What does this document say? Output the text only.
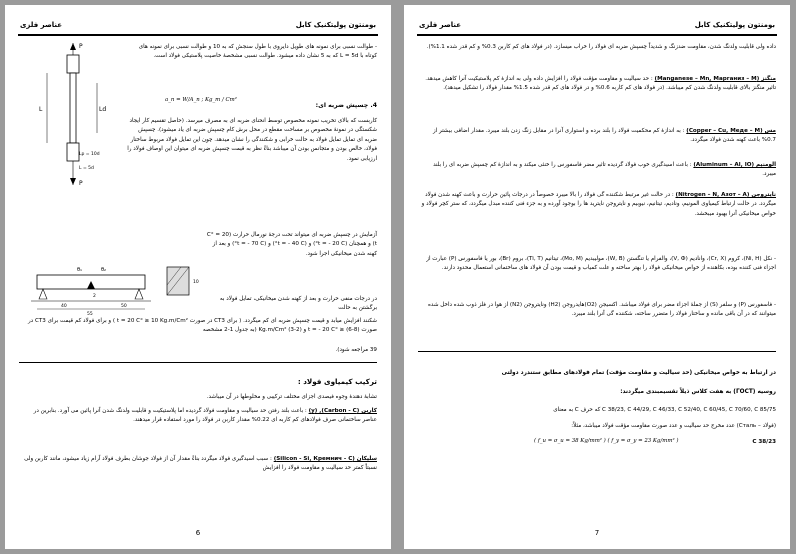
عناصر فلزی	بومنتون پولیتکنیک کابل
P
L	Ld
Lp = 10d
L = 5d
P
- طوالت نسبی برای نمونه های طویل دایروی با طول سنجش که به 10 و طوالت نسبی برای نمونه های کوتاه با L = 5d که به 5 نشان داده میشود. طوالت نسبی مشخصهٔ خاصیت پلاستیکی فولاد است.
4. چسپش ضربه ای:
a_n = W/A_n ; Kg_m / Cm²
کاربست که بالای تخریب نمونه مخصوص توسط انحنای ضربه ای به مصرف میرسد. (حاصل تقسیم کار ایجاد شکستگی در نمونهٔ مخصوص بر مساحت مقطع در محل برش کام چسپش ضربه ای یاد میشود). چسپش ضربه ای تمایل تمایل فولاد به حالت خرابی و شکنندگی را نشان میدهد. چون این تمایل فولاد مربوط ساختار فولاد، خالص بودن و متجانس بودن آن میباشد بناءً نظر به قیمت چسپش ضربه ای میتوان این اوصاف فولاد را ارزیابی نمود.
θ₁	θ₂
40
55
50
10
2
آزمایش در چسپش ضربه ای میتواند تحت درجهٔ نورمال حرارت (20 C° = t) و همچنان (t = - 20 C°) و (t = - 40 C°) و (t = - 70 C°) و بعد از کهنه شدن میخانیکی اجرا شود.
در درجات منفی حرارت و بعد از کهنه شدن میخانیکی، تمایل فولاد به برگشتن به حالت
شکنند افزایش میابد و قیمت چسپش ضربه ای کم میگردد. ( برای CT3 در صورت t = 20 C° ≥ 10 Kg.m/Cm² ) و برای فولاد کم قیمت برای CT3 در صورت t = - 20 C° ≥ (6-8) و (2-3) Kg.m/Cm² (به جدول 1-2 مشخصه
39 مراجعه شود).
ترکیب کیمیاوی فولاد :
تشابهٔ دهندهٔ وجوه فیصدی اجزای مختلف ترکیبی و مخلوطها در آن میباشد.
کاربن (Carbon - C), (y) : باعث بلند رفتن حد سیالیت و مقاومت فولاد گردیده اما پلاستیکیت و قابلیت ولدنگ شدن آنرا پائین می آورد. بنابرین در عناصر ساختمانی صرف فولادهای کم کاربه ای 0.22% مقدار کاربن در فولاد را مورد استفاده قرار میدهند.
سلیکان (Silicon - Si, Кремнич - C) : سبب اسیدگیری فولاد میگردد بناءً مقدار آن از فولاد جوشان بطرف فولاد آرام زیاد میشود، مانند کاربن ولی نسبتاً کمتر حد سیالیت و مقاومت فولاد را افزایش
6
عناصر فلزی	بومنتون پولیتکنیک کابل
داده ولی قابلیت ولدنگ شدن، مقاومت ضدزنگ و شدیداً چسپش ضربه ای فولاد را خراب میسازد. (در فولاد های کم کاربن 0.3% و کم قدر شده 1.1%).
منگنز (Manganese – Mn, Марганиз – M) : حد سیالیت و مقاومت مؤقت فولاد را افزایش داده ولی به اندازهٔ کم پلاستیکیت آنرا کاهش میدهد. تاثیر منگنز بالای قابلیت ولدنگ شدن کم میباشد. (در فولاد های کم کاربه 0.6% و در فولاد های کم قدر شده 1.5% مقدار فولاد را تشکیل میدهد).
مس (Copper – Cu, Меде – M) : به اندازهٔ کم محکمیت فولاد را بلند برده و استواری آنرا در مقابل زنگ زدن بلند میبرد. مقدار اضافی بیشتر از 0.7% باعث کهنه شدن فولاد میگردد.
الومنیم (Aluminum – Al, IO) : باعث اسیدگیری خوب فولاد گردیده تاثیر مضر فاسفورس را خنثی میکند و به اندازهٔ کم چسپش ضربه ای را بلند میبرد.
نایتروجن (Nitrogen – N, Азот – A) : در حالت غیر مرتبط شکننده گی فولاد را بالا میبرد خصوصاً در درجات پائین حرارت و باعث کهنه شدن فولاد میگردد. در حالت ارتباط کیمیاوی المونیم، وناديم، تیتانیم، نیوبیم و نایتروجن نایترید ها را بوجود آورده و به جزء فنی کننده مبدل میگردد، که ستر کچر فولاد و خواص میخانیکی آنرا بهبود میبخشد.
- نکل (Ni, H)، کروم (Cr, X)، وانادیم (V, Ф)، والفرام یا تنگستن (W, B)، مولیبدیم (Mo, M)، تیتانیم (Ti, T)، بروم (Br)، بور یا فاسفورس (P) عبارت از اجزاء فنی کننده بوده، بکاهنده از خواص میخانیکی فولاد را بهتر ساخته و علت کمیاب و قیمت بودن آن فولاد های ساختمانی استعمال محدود دارند.
- فاسفورس (P) و سلفر (S) از جملهٔ اجزاء مضر برای فولاد میباشد. اکسیجن (O2)هایدروجن (H2) ونایتروجن (N2) از هوا در فلز ذوب شده داخل شده میتوانند که در آن باقی مانده و ساختار فولاد را متضرر ساخته، شکننده گی آنرا بلند میبرد.
در ارتباط به خواص میخانیکی (حد سیالیت و مقاومت مؤقت) تمام فولادهای مطابق ستندرد دولتی
روسیه (ГОСТ) به هفت کلاس ذیلاً تقسیمبندی میگردند:
C 38/23, C 44/29, C 46/33, C 52/40, C 60/45, C 70/60, C 85/75 که حرف C به معنای
(فولاد – Сталь) عدد مخرج حد سیالیت و عدد صورت مقاومت مؤقت فولاد میباشد، مثلاً:
C 38/23
( f_u = σ_u = 38 Kg/mm² ) ( f_y = σ_y = 23 Kg/mm² )
7
